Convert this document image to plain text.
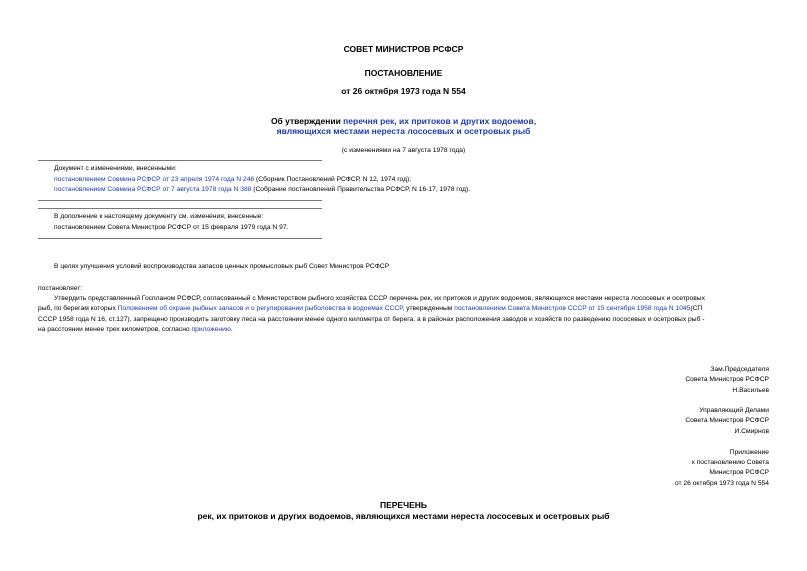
СОВЕТ МИНИСТРОВ РСФСР
ПОСТАНОВЛЕНИЕ
от 26 октября 1973 года N 554
Об утверждении перечня рек, их притоков и других водоемов,
являющихся местами нереста лососевых и осетровых рыб
(с изменениями на 7 августа 1978 года)
Документ с изменениями, внесенными:
постановлением Совмина РСФСР от 23 апреля 1974 года N 246 (Сборник Постановлений РСФСР, N 12, 1974 год);
постановлением Совмина РСФСР от 7 августа 1978 года N 388 (Собрание постановлений Правительства РСФСР, N 16-17, 1978 год).
В дополнение к настоящему документу см. изменения, внесенные:
постановлением Совета Министров РСФСР от 15 февраля 1979 года N 97.
В целях улучшения условий воспроизводства запасов ценных промысловых рыб Совет Министров РСФСР
постановляет:
Утвердить представленный Госпланом РСФСР, согласованный с Министерством рыбного хозяйства СССР перечень рек, их притоков и других водоемов, являющихся местами нереста лососевых и осетровых
рыб, по берегам которых Положением об охране рыбных запасов и о регулировании рыболовства в водоемах СССР, утвержденным постановлением Совета Министров СССР от 15 сентября 1958 года N 1045(СП
СССР 1958 года N 16, ст.127), запрещено производить заготовку леса на расстоянии менее одного километра от берега, а в районах расположения заводов и хозяйств по разведению лососевых и осетровых рыб -
на расстоянии менее трех километров, согласно приложению.
Зам.Председателя
Совета Министров РСФСР
Н.Васильев
Управляющий Делами
Совета Министров РСФСР
И.Смирнов
Приложение
к постановлению Совета
Министров РСФСР
от 26 октября 1973 года N 554
ПЕРЕЧЕНЬ
рек, их притоков и других водоемов, являющихся местами нереста лососевых и осетровых рыб
